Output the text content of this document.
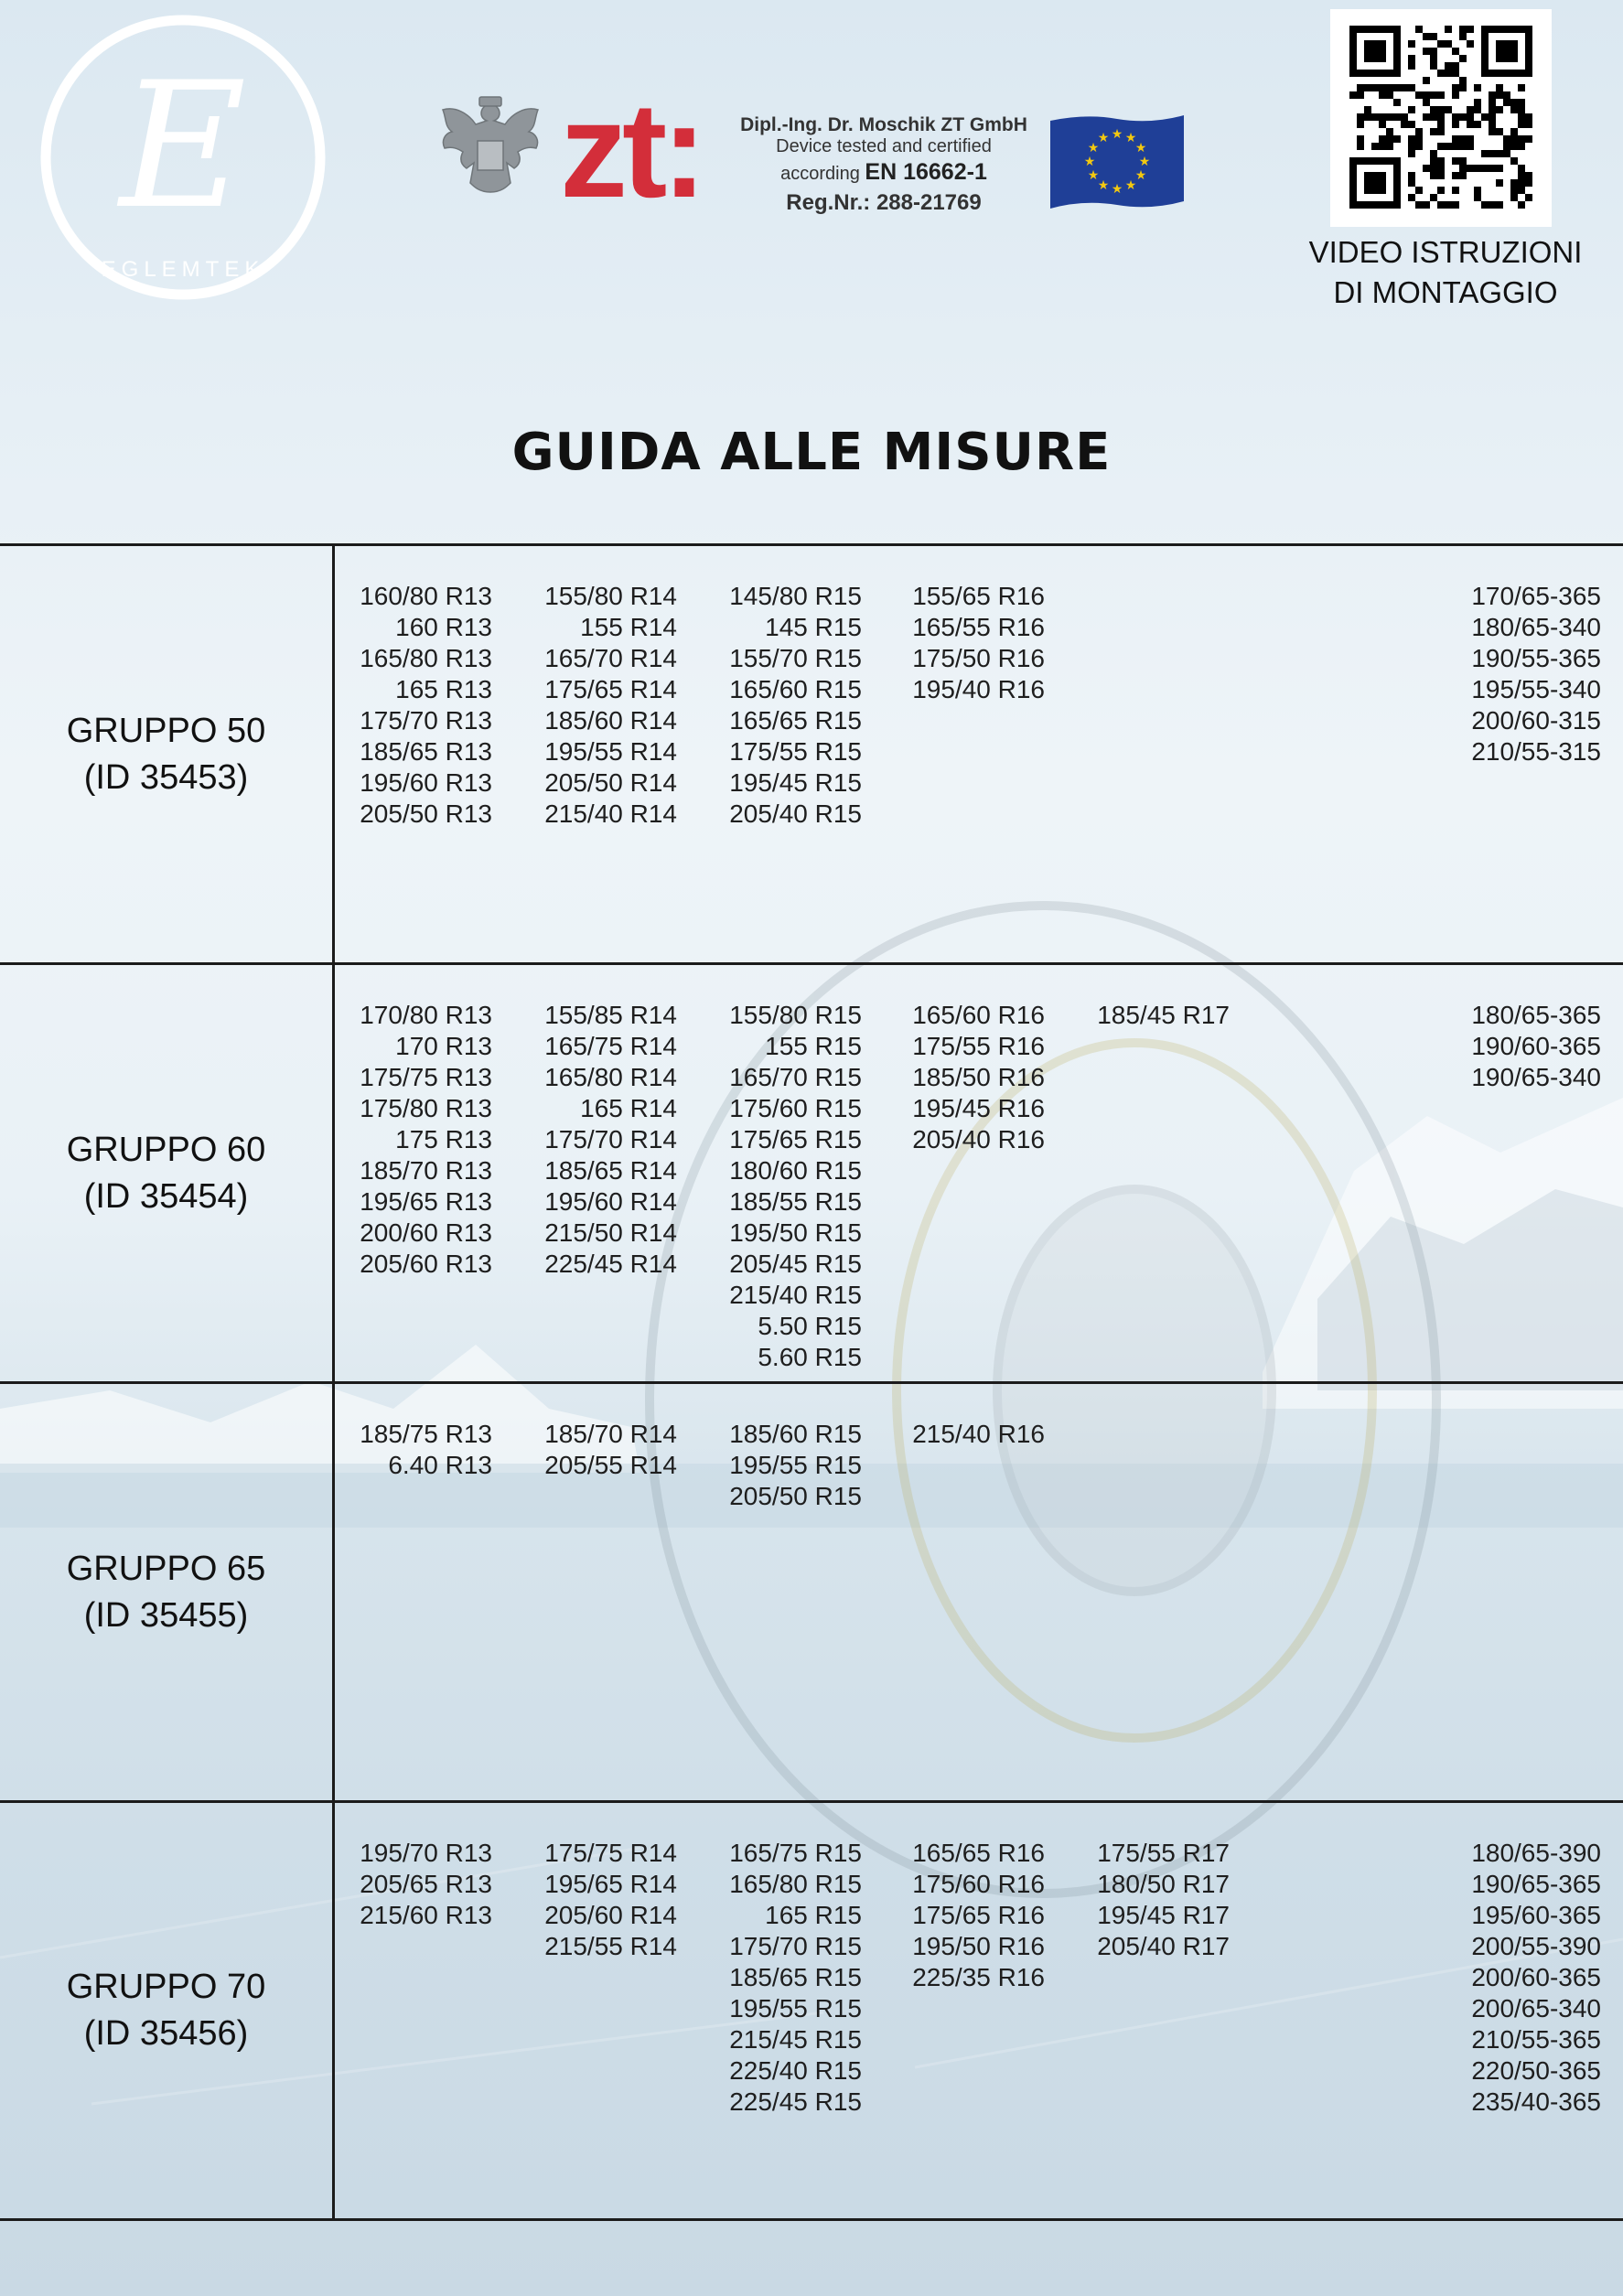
E
EGLEMTEK
zt: Dipl.-Ing. Dr. Moschik ZT GmbH
Device tested and certified
according EN 16662-1
Reg.Nr.: 288-21769
★ ★
★
★
★
★
★
★
★
★
★
★
VIDEO ISTRUZIONI
DI MONTAGGIO
GUIDA ALLE MISURE
GRUPPO 50
(ID 35453)
160/80 R13
160 R13
165/80 R13
165 R13
175/70 R13
185/65 R13
195/60 R13
205/50 R13
155/80 R14
155 R14
165/70 R14
175/65 R14
185/60 R14
195/55 R14
205/50 R14
215/40 R14
145/80 R15
145 R15
155/70 R15
165/60 R15
165/65 R15
175/55 R15
195/45 R15
205/40 R15
155/65 R16
165/55 R16
175/50 R16
195/40 R16
170/65-365
180/65-340
190/55-365
195/55-340
200/60-315
210/55-315
GRUPPO 60
(ID 35454)
170/80 R13
170 R13
175/75 R13
175/80 R13
175 R13
185/70 R13
195/65 R13
200/60 R13
205/60 R13
155/85 R14
165/75 R14
165/80 R14
165 R14
175/70 R14
185/65 R14
195/60 R14
215/50 R14
225/45 R14
155/80 R15
155 R15
165/70 R15
175/60 R15
175/65 R15
180/60 R15
185/55 R15
195/50 R15
205/45 R15
215/40 R15
5.50 R15
5.60 R15
165/60 R16
175/55 R16
185/50 R16
195/45 R16
205/40 R16
185/45 R17	180/65-365
190/60-365
190/65-340
GRUPPO 65
(ID 35455)
185/75 R13
6.40 R13
185/70 R14
205/55 R14
185/60 R15
195/55 R15
205/50 R15
215/40 R16
GRUPPO 70
(ID 35456)
195/70 R13
205/65 R13
215/60 R13
175/75 R14
195/65 R14
205/60 R14
215/55 R14
165/75 R15
165/80 R15
165 R15
175/70 R15
185/65 R15
195/55 R15
215/45 R15
225/40 R15
225/45 R15
165/65 R16
175/60 R16
175/65 R16
195/50 R16
225/35 R16
175/55 R17
180/50 R17
195/45 R17
205/40 R17
180/65-390
190/65-365
195/60-365
200/55-390
200/60-365
200/65-340
210/55-365
220/50-365
235/40-365
